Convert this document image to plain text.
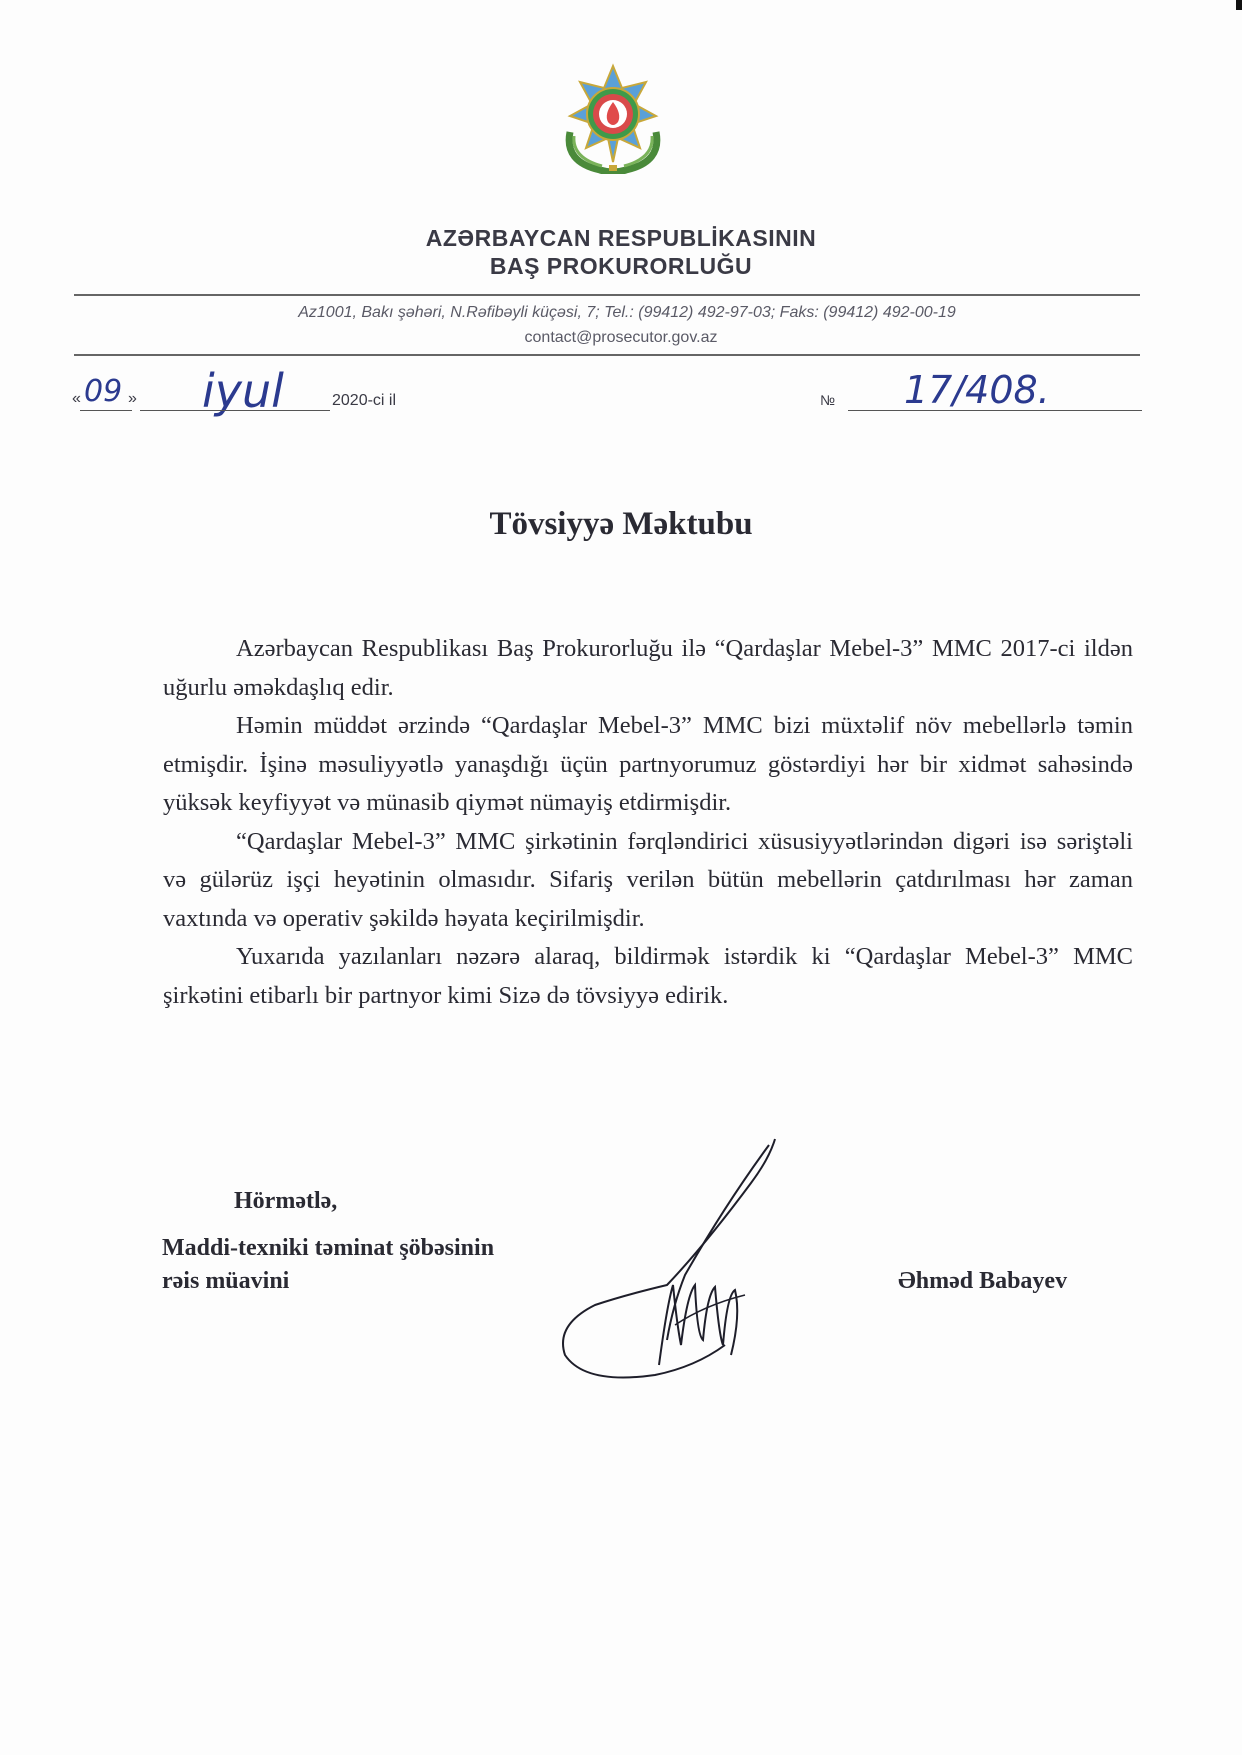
AZƏRBAYCAN RESPUBLİKASININ
BAŞ PROKURORLUĞU
Az1001, Bakı şəhəri, N.Rəfibəyli küçəsi, 7; Tel.: (99412) 492-97-03; Faks: (99412) 492-00-19
contact@prosecutor.gov.az
« 09 » iyul	2020-ci il	№ 17/408.
Tövsiyyə Məktubu

Azərbaycan Respublikası Baş Prokurorluğu ilə “Qardaşlar Mebel-3” MMC 2017-ci ildən uğurlu əməkdaşlıq edir.

Həmin müddət ərzində “Qardaşlar Mebel-3” MMC bizi müxtəlif növ mebellərlə təmin etmişdir. İşinə məsuliyyətlə yanaşdığı üçün partnyorumuz göstərdiyi hər bir xidmət sahəsində yüksək keyfiyyət və münasib qiymət nümayiş etdirmişdir.

“Qardaşlar Mebel-3” MMC şirkətinin fərqləndirici xüsusiyyətlərindən digəri isə səriştəli və gülərüz işçi heyətinin olmasıdır. Sifariş verilən bütün mebellərin çatdırılması hər zaman vaxtında və operativ şəkildə həyata keçirilmişdir.

Yuxarıda yazılanları nəzərə alaraq, bildirmək istərdik ki “Qardaşlar Mebel-3” MMC şirkətini etibarlı bir partnyor kimi Sizə də tövsiyyə edirik.

Hörmətlə,
Maddi-texniki təminat şöbəsinin
rəis müavini	Əhməd Babayev
